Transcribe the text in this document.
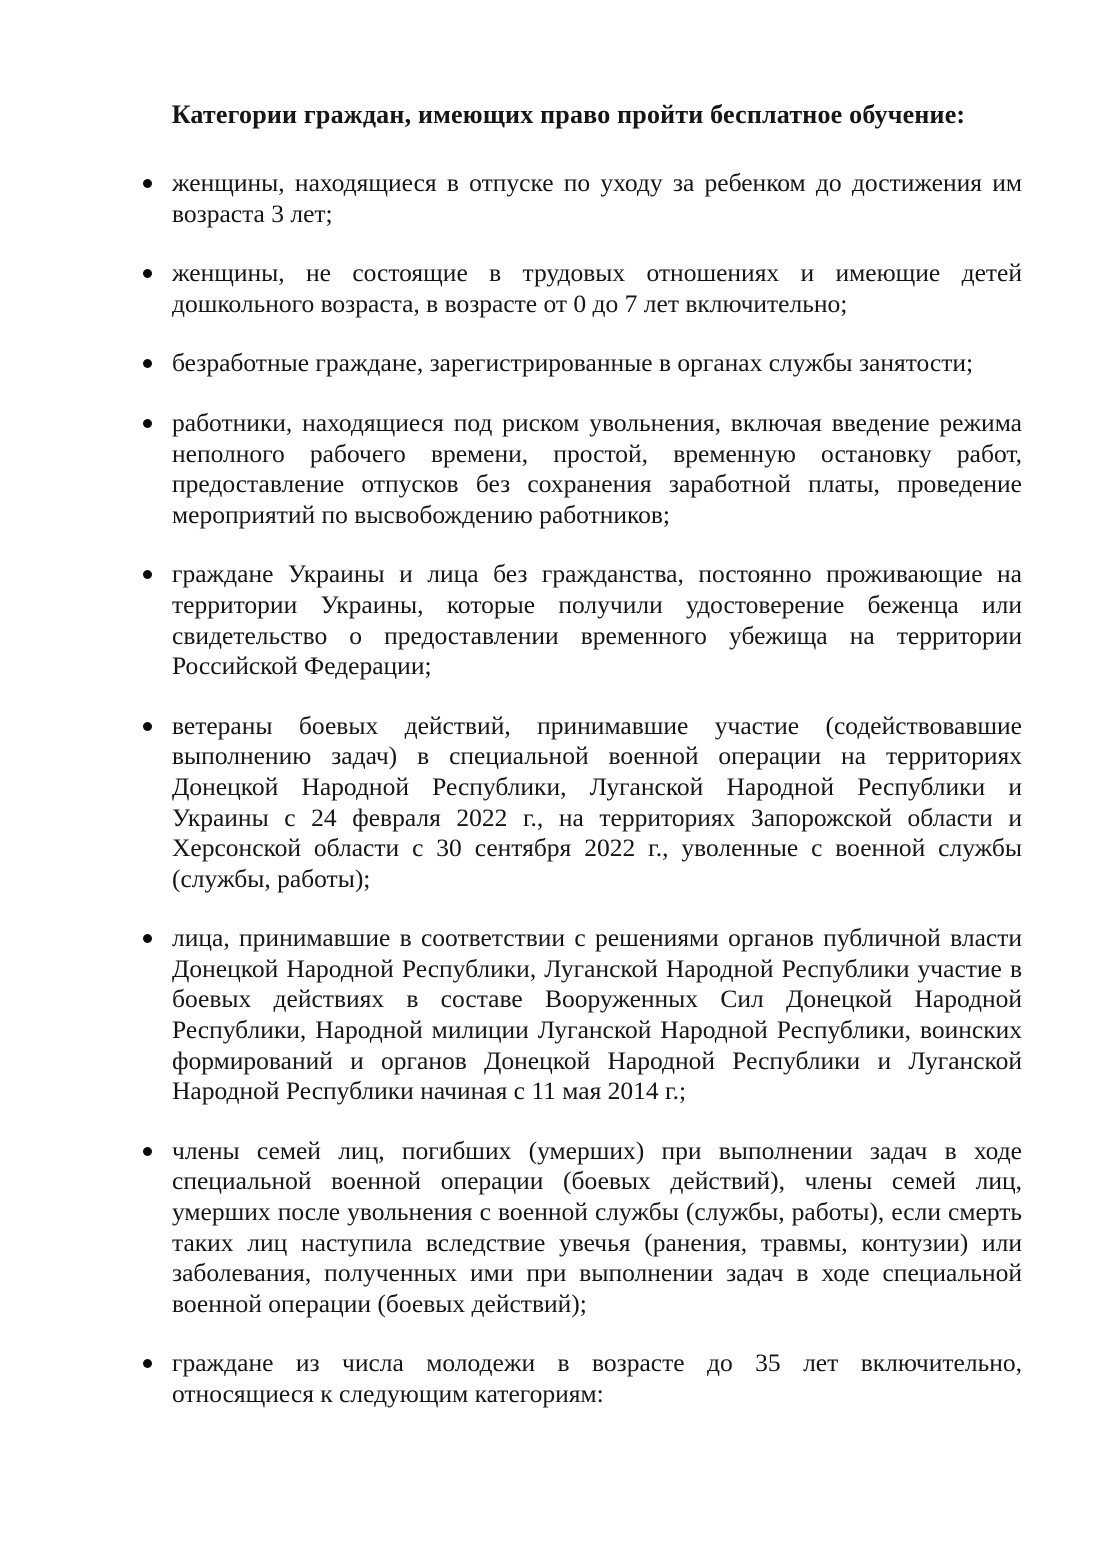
Категории граждан, имеющих право пройти бесплатное обучение:
женщины, находящиеся в отпуске по уходу за ребенком до достижения им возраста 3 лет;
женщины, не состоящие в трудовых отношениях и имеющие детей дошкольного возраста, в возрасте от 0 до 7 лет включительно;
безработные граждане, зарегистрированные в органах службы занятости;
работники, находящиеся под риском увольнения, включая введение режима неполного рабочего времени, простой, временную остановку работ, предоставление отпусков без сохранения заработной платы, проведение мероприятий по высвобождению работников;
граждане Украины и лица без гражданства, постоянно проживающие на территории Украины, которые получили удостоверение беженца или свидетельство о предоставлении временного убежища на территории Российской Федерации;
ветераны боевых действий, принимавшие участие (содействовавшие выполнению задач) в специальной военной операции на территориях Донецкой Народной Республики, Луганской Народной Республики и Украины с 24 февраля 2022 г., на территориях Запорожской области и Херсонской области с 30 сентября 2022 г., уволенные с военной службы (службы, работы);
лица, принимавшие в соответствии с решениями органов публичной власти Донецкой Народной Республики, Луганской Народной Республики участие в боевых действиях в составе Вооруженных Сил Донецкой Народной Республики, Народной милиции Луганской Народной Республики, воинских формирований и органов Донецкой Народной Республики и Луганской Народной Республики начиная с 11 мая 2014 г.;
члены семей лиц, погибших (умерших) при выполнении задач в ходе специальной военной операции (боевых действий), члены семей лиц, умерших после увольнения с военной службы (службы, работы), если смерть таких лиц наступила вследствие увечья (ранения, травмы, контузии) или заболевания, полученных ими при выполнении задач в ходе специальной военной операции (боевых действий);
граждане из числа молодежи в возрасте до 35 лет включительно, относящиеся к следующим категориям:
